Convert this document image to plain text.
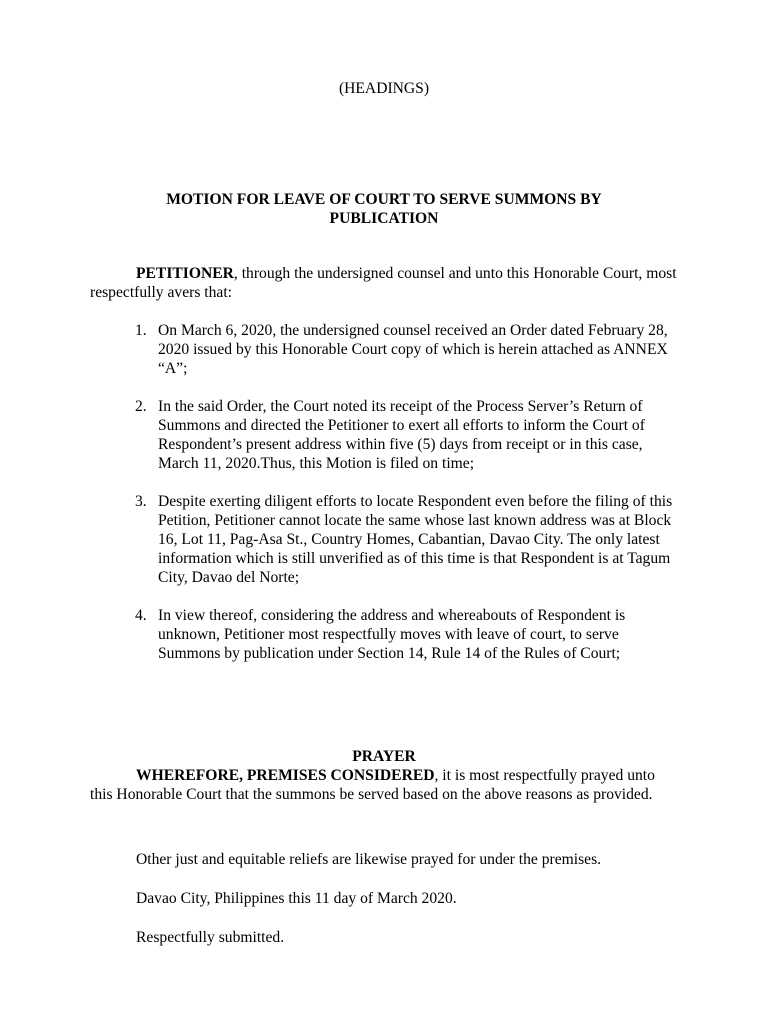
(HEADINGS)
MOTION FOR LEAVE OF COURT TO SERVE SUMMONS BY PUBLICATION

PETITIONER, through the undersigned counsel and unto this Honorable Court, most respectfully avers that:

1. On March 6, 2020, the undersigned counsel received an Order dated February 28, 2020 issued by this Honorable Court copy of which is herein attached as ANNEX “A”;
2. In the said Order, the Court noted its receipt of the Process Server’s Return of Summons and directed the Petitioner to exert all efforts to inform the Court of Respondent’s present address within five (5) days from receipt or in this case, March 11, 2020.Thus, this Motion is filed on time;
3. Despite exerting diligent efforts to locate Respondent even before the filing of this Petition, Petitioner cannot locate the same whose last known address was at Block 16, Lot 11, Pag-Asa St., Country Homes, Cabantian, Davao City. The only latest information which is still unverified as of this time is that Respondent is at Tagum City, Davao del Norte;
4. In view thereof, considering the address and whereabouts of Respondent is unknown, Petitioner most respectfully moves with leave of court, to serve Summons by publication under Section 14, Rule 14 of the Rules of Court;
PRAYER

WHEREFORE, PREMISES CONSIDERED, it is most respectfully prayed unto this Honorable Court that the summons be served based on the above reasons as provided.

Other just and equitable reliefs are likewise prayed for under the premises.
Davao City, Philippines this 11 day of March 2020.
Respectfully submitted.
